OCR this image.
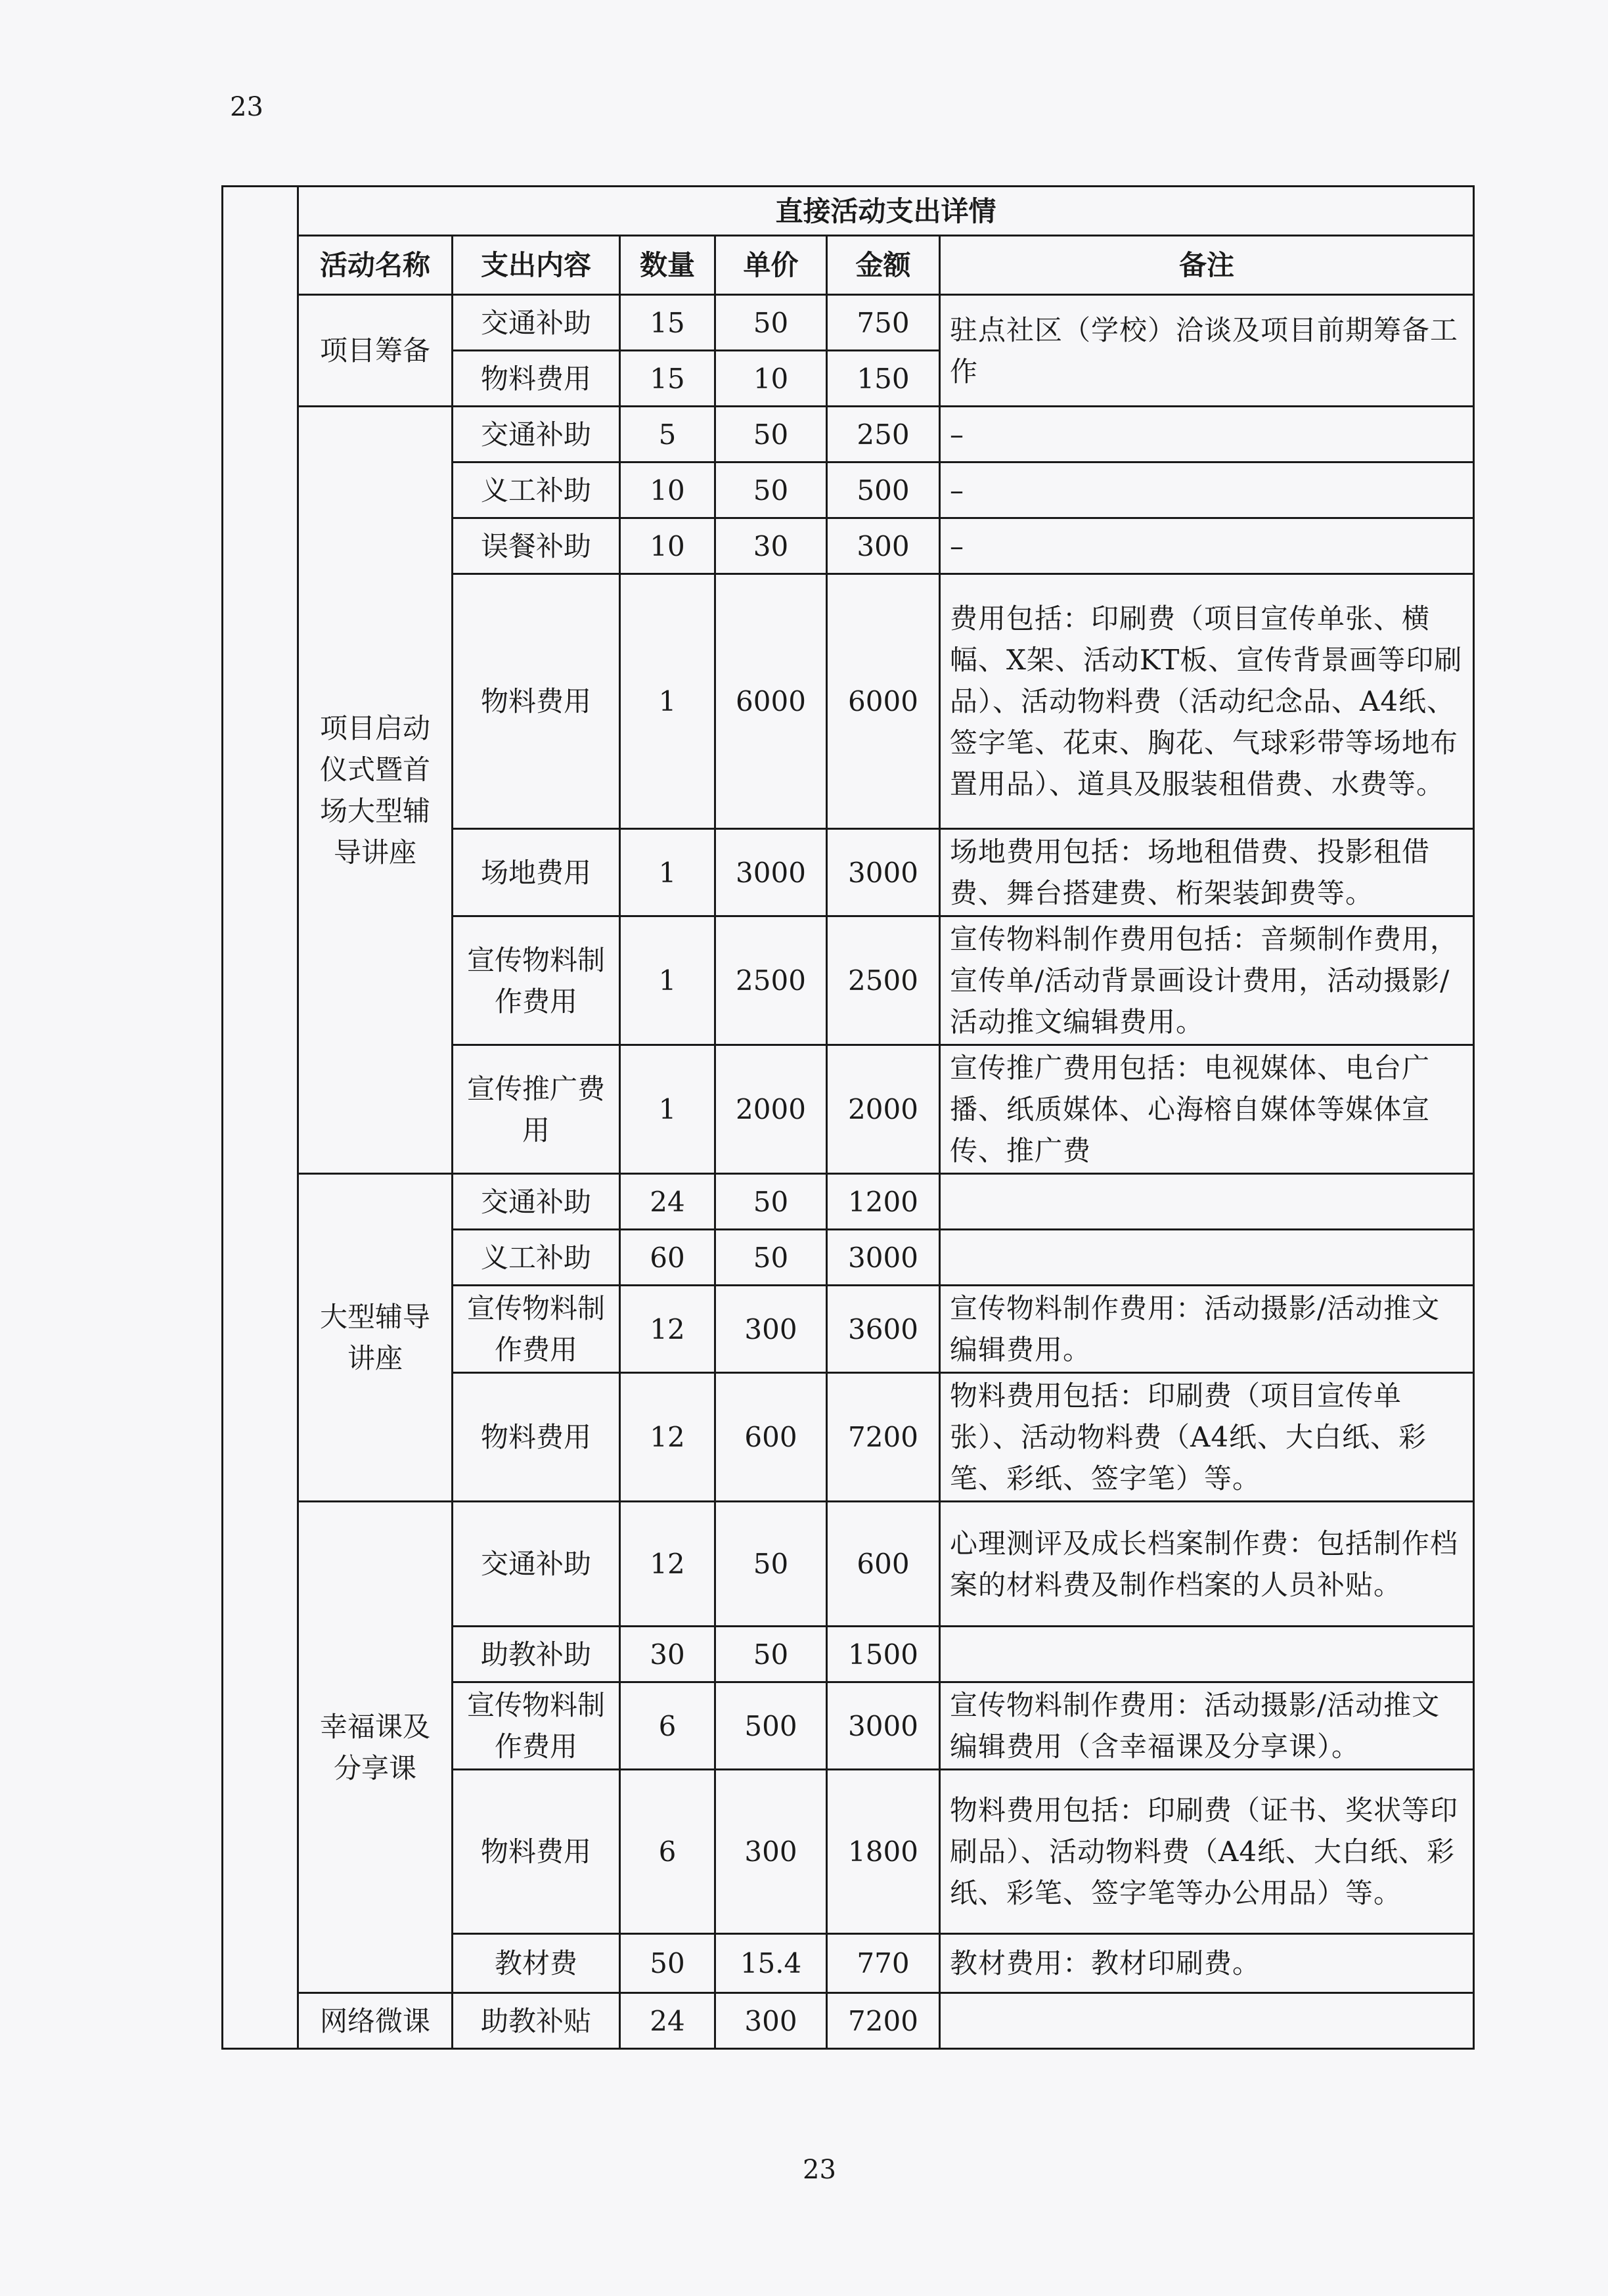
23
	直接活动支出详情					
	活动名称	支出内容	数量	单价	金额	备注
	项目筹备	交通补助	15	50	750	驻点社区（学校）洽谈及项目前期筹备工作
		物料费用	15	10	150	
	项目启动仪式暨首场大型辅导讲座	交通补助	5	50	250	–
		义工补助	10	50	500	–
		误餐补助	10	30	300	–
		物料费用	1	6000	6000	费用包括：印刷费（项目宣传单张、横幅、X架、活动KT板、宣传背景画等印刷品）、活动物料费（活动纪念品、A4纸、签字笔、花束、胸花、气球彩带等场地布置用品）、道具及服装租借费、水费等。
		场地费用	1	3000	3000	场地费用包括：场地租借费、投影租借费、舞台搭建费、桁架装卸费等。
		宣传物料制作费用	1	2500	2500	宣传物料制作费用包括：音频制作费用，宣传单/活动背景画设计费用，活动摄影/活动推文编辑费用。
		宣传推广费用	1	2000	2000	宣传推广费用包括：电视媒体、电台广播、纸质媒体、心海榕自媒体等媒体宣传、推广费
	大型辅导讲座	交通补助	24	50	1200	
		义工补助	60	50	3000	
		宣传物料制作费用	12	300	3600	宣传物料制作费用：活动摄影/活动推文编辑费用。
		物料费用	12	600	7200	物料费用包括：印刷费（项目宣传单张）、活动物料费（A4纸、大白纸、彩笔、彩纸、签字笔）等。
	幸福课及分享课	交通补助	12	50	600	心理测评及成长档案制作费：包括制作档案的材料费及制作档案的人员补贴。
		助教补助	30	50	1500	
		宣传物料制作费用	6	500	3000	宣传物料制作费用：活动摄影/活动推文编辑费用（含幸福课及分享课）。
		物料费用	6	300	1800	物料费用包括：印刷费（证书、奖状等印刷品）、活动物料费（A4纸、大白纸、彩纸、彩笔、签字笔等办公用品）等。
		教材费	50	15.4	770	教材费用：教材印刷费。
	网络微课	助教补贴	24	300	7200	
23
